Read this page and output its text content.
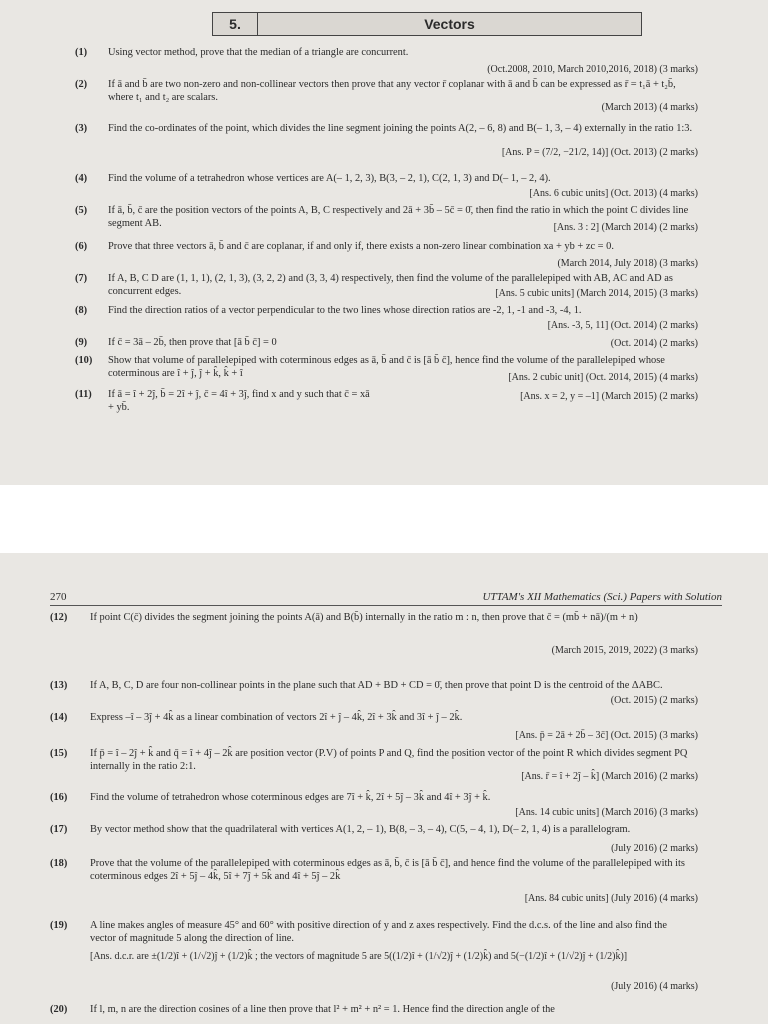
5.	Vectors
(1)	Using vector method, prove that the median of a triangle are concurrent.
(Oct.2008, 2010, March 2010,2016, 2018) (3 marks)
(2)	If ā and b̄ are two non-zero and non-collinear vectors then prove that any vector r̄ coplanar with ā and b̄ can be expressed as r̄ = t₁ā + t₂b̄, where t₁ and t₂ are scalars.
(March 2013) (4 marks)
(3)	Find the co-ordinates of the point, which divides the line segment joining the points A(2, – 6, 8) and B(– 1, 3, – 4) externally in the ratio 1:3.
[Ans. P = (7/2, −21/2, 14)] (Oct. 2013) (2 marks)
(4)	Find the volume of a tetrahedron whose vertices are A(– 1, 2, 3), B(3, – 2, 1), C(2, 1, 3) and D(– 1, – 2, 4).
[Ans. 6 cubic units] (Oct. 2013) (4 marks)
(5)	If ā, b̄, c̄ are the position vectors of the points A, B, C respectively and 2ā + 3b̄ – 5c̄ = 0̄, then find the ratio in which the point C divides line segment AB.	[Ans. 3 : 2] (March 2014) (2 marks)
(6)	Prove that three vectors ā, b̄ and c̄ are coplanar, if and only if, there exists a non-zero linear combination xa + yb + zc = 0.
(March 2014, July 2018) (3 marks)
(7)	If A, B, C D are (1, 1, 1), (2, 1, 3), (3, 2, 2) and (3, 3, 4) respectively, then find the volume of the parallelepiped with AB, AC and AD as concurrent edges.	[Ans. 5 cubic units] (March 2014, 2015) (3 marks)
(8)	Find the direction ratios of a vector perpendicular to the two lines whose direction ratios are -2, 1, -1 and -3, -4, 1.
[Ans. -3, 5, 11] (Oct. 2014) (2 marks)
(9)	If c̄ = 3ā – 2b̄, then prove that [ā b̄ c̄] = 0	(Oct. 2014) (2 marks)
(10)	Show that volume of parallelepiped with coterminous edges as ā, b̄ and c̄ is [ā b̄ c̄], hence find the volume of the parallelepiped whose coterminous are î + ĵ, ĵ + k̂, k̂ + î	[Ans. 2 cubic unit] (Oct. 2014, 2015) (4 marks)
(11)	If ā = î + 2ĵ, b̄ = 2î + ĵ, c̄ = 4î + 3ĵ, find x and y such that c̄ = xā + yb̄.
[Ans. x = 2, y = –1] (March 2015) (2 marks)
270	UTTAM's XII Mathematics (Sci.) Papers with Solution
(12)	If point C(c̄) divides the segment joining the points A(ā) and B(b̄) internally in the ratio m : n, then prove that c̄ = (mb̄ + nā)/(m + n)
(March 2015, 2019, 2022) (3 marks)
(13)	If A, B, C, D are four non-collinear points in the plane such that AD + BD + CD = 0̄, then prove that point D is the centroid of the ΔABC.
(Oct. 2015) (2 marks)
(14)	Express –î – 3ĵ + 4k̂ as a linear combination of vectors 2î + ĵ – 4k̂, 2î + 3k̂ and 3î + ĵ – 2k̂.
[Ans. p̄ = 2ā + 2b̄ – 3c̄] (Oct. 2015) (3 marks)
(15)	If p̄ = î – 2ĵ + k̂ and q̄ = î + 4ĵ – 2k̂ are position vector (P.V) of points P and Q, find the position vector of the point R which divides segment PQ internally in the ratio 2:1.
[Ans. r̄ = î + 2ĵ – k̂] (March 2016) (2 marks)
(16)	Find the volume of tetrahedron whose coterminous edges are 7î + k̂, 2î + 5ĵ – 3k̂ and 4î + 3ĵ + k̂.
[Ans. 14 cubic units] (March 2016) (3 marks)
(17)	By vector method show that the quadrilateral with vertices A(1, 2, – 1), B(8, – 3, – 4), C(5, – 4, 1), D(– 2, 1, 4) is a parallelogram.
(July 2016) (2 marks)
(18)	Prove that the volume of the parallelepiped with coterminous edges as ā, b̄, c̄ is [ā b̄ c̄], and hence find the volume of the parallelepiped with its coterminous edges 2î + 5ĵ – 4k̂, 5î + 7ĵ + 5k̂ and 4î + 5ĵ – 2k̂
[Ans. 84 cubic units] (July 2016) (4 marks)
(19)	A line makes angles of measure 45° and 60° with positive direction of y and z axes respectively. Find the d.c.s. of the line and also find the vector of magnitude 5 along the direction of line.
[Ans. d.c.r. are ±(1/2)î + (1/√2)ĵ + (1/2)k̂ ; the vectors of magnitude 5 are 5((1/2)î + (1/√2)ĵ + (1/2)k̂) and 5(−(1/2)î + (1/√2)ĵ + (1/2)k̂)]
(July 2016) (4 marks)
(20)	If l, m, n are the direction cosines of a line then prove that l² + m² + n² = 1. Hence find the direction angle of the
